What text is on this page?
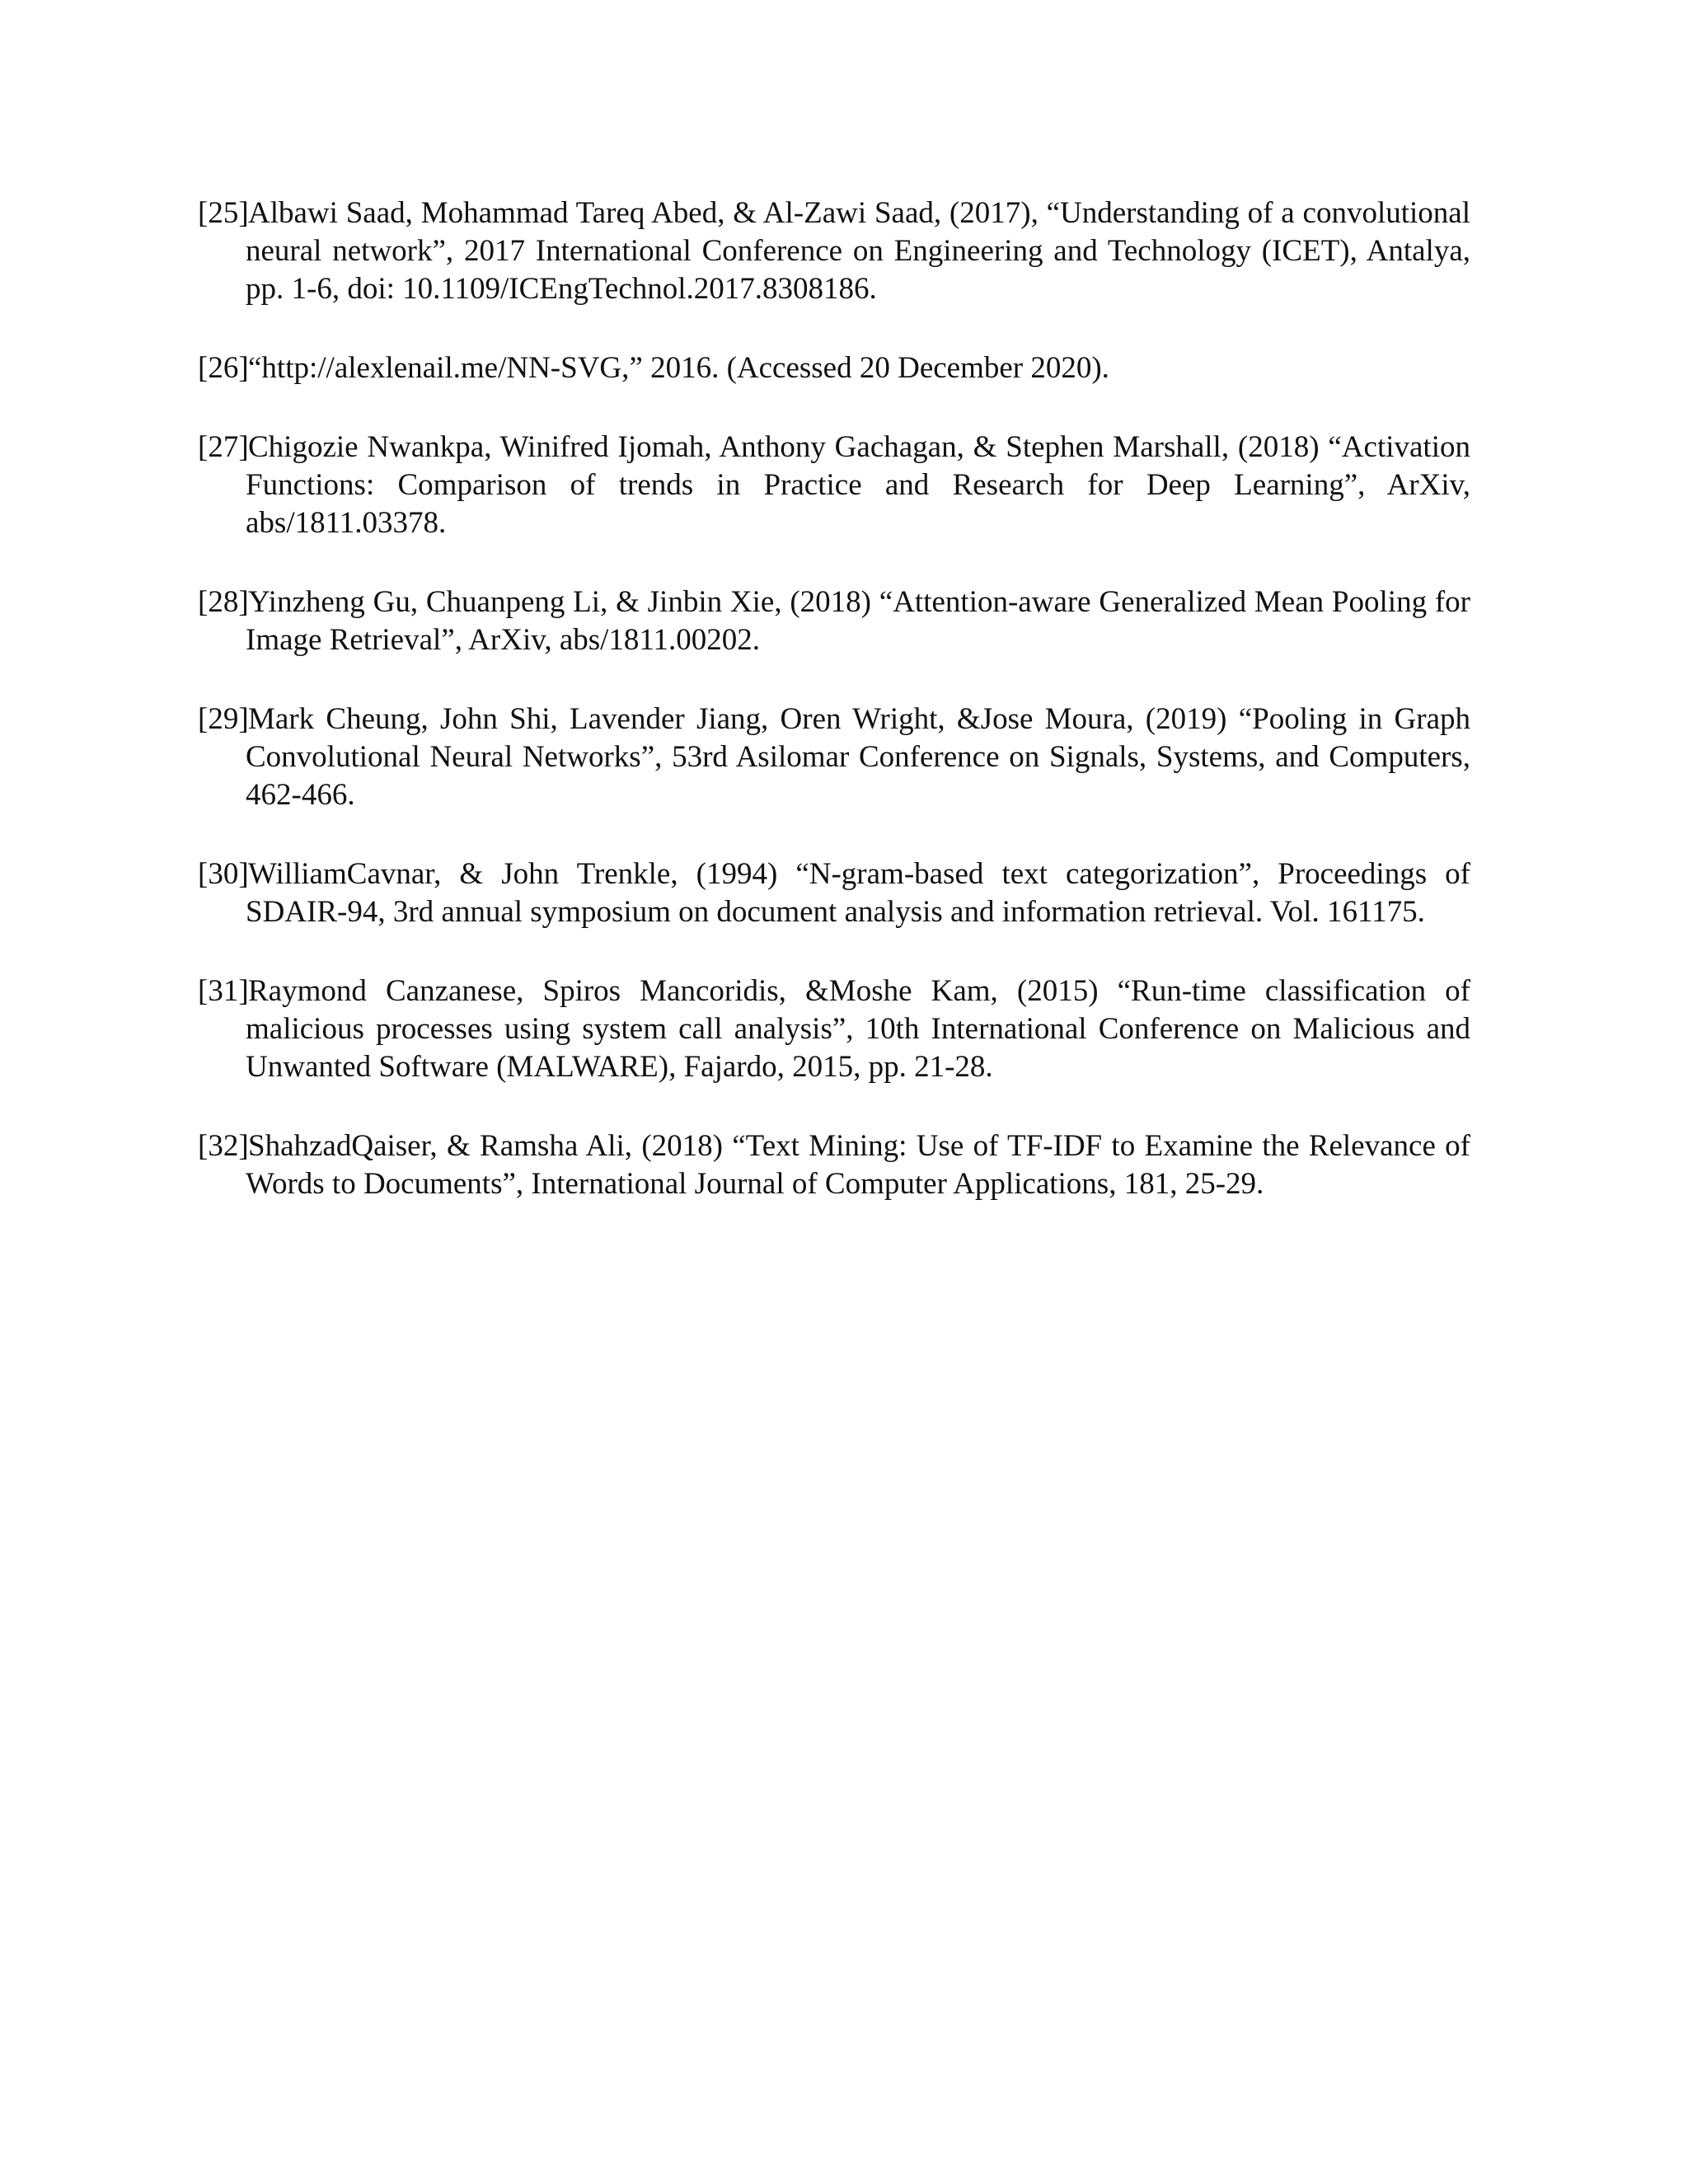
[25] Albawi Saad, Mohammad Tareq Abed, & Al-Zawi Saad, (2017), “Understanding of a convolutional neural network”, 2017 International Conference on Engineering and Technology (ICET), Antalya, pp. 1-6, doi: 10.1109/ICEngTechnol.2017.8308186.
[26] “http://alexlenail.me/NN-SVG,” 2016. (Accessed 20 December 2020).
[27] Chigozie Nwankpa, Winifred Ijomah, Anthony Gachagan, & Stephen Marshall, (2018) “Activation Functions: Comparison of trends in Practice and Research for Deep Learning”, ArXiv, abs/1811.03378.
[28] Yinzheng Gu, Chuanpeng Li, & Jinbin Xie, (2018) “Attention-aware Generalized Mean Pooling for Image Retrieval”, ArXiv, abs/1811.00202.
[29] Mark Cheung, John Shi, Lavender Jiang, Oren Wright, &Jose Moura, (2019) “Pooling in Graph Convolutional Neural Networks”, 53rd Asilomar Conference on Signals, Systems, and Computers, 462-466.
[30] WilliamCavnar, & John Trenkle, (1994) “N-gram-based text categorization”, Proceedings of SDAIR-94, 3rd annual symposium on document analysis and information retrieval. Vol. 161175.
[31] Raymond Canzanese, Spiros Mancoridis, &Moshe Kam, (2015) “Run-time classification of malicious processes using system call analysis”, 10th International Conference on Malicious and Unwanted Software (MALWARE), Fajardo, 2015, pp. 21-28.
[32] ShahzadQaiser, & Ramsha Ali, (2018) “Text Mining: Use of TF-IDF to Examine the Relevance of Words to Documents”, International Journal of Computer Applications, 181, 25-29.
